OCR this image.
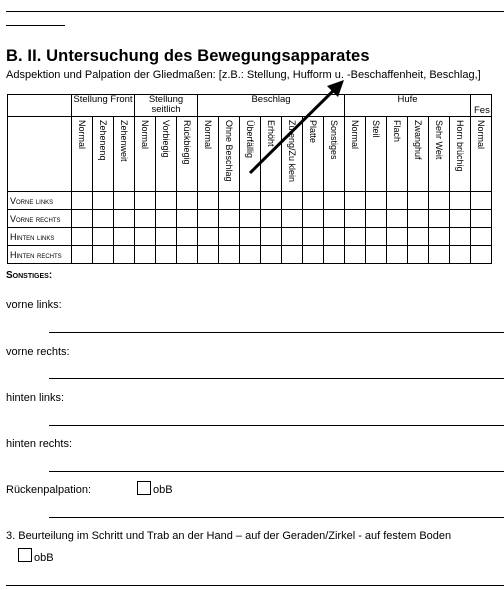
B. II. Untersuchung des Bewegungsapparates
Adspektion und Palpation der Gliedmaßen: [z.B.: Stellung, Hufform u. -Beschaffenheit, Beschlag,]
	Stellung Front			Stellung seitlich			Beschlag							Hufe						Fes

	Normal	Zehenenq	Zehenweit	Normal	Vorbiegig	Rückbiegig	Normal	Ohne Beschlag	Überfällig	Erhöht	Zu eng/Zu klein	Platte	Sonstiges	Normal	Steil	Flach	Zwanghuf	Sehr Weit	Horn brüchig	Normal

Vorne links																				
Vorne rechts																				
Hinten links																				
Hinten rechts																				
Sonstiges:
vorne links:
vorne rechts:
hinten links:
hinten rechts:
Rückenpalpation:	obB
3. Beurteilung im Schritt und Trab an der Hand – auf der Geraden/Zirkel - auf festem Boden
obB
